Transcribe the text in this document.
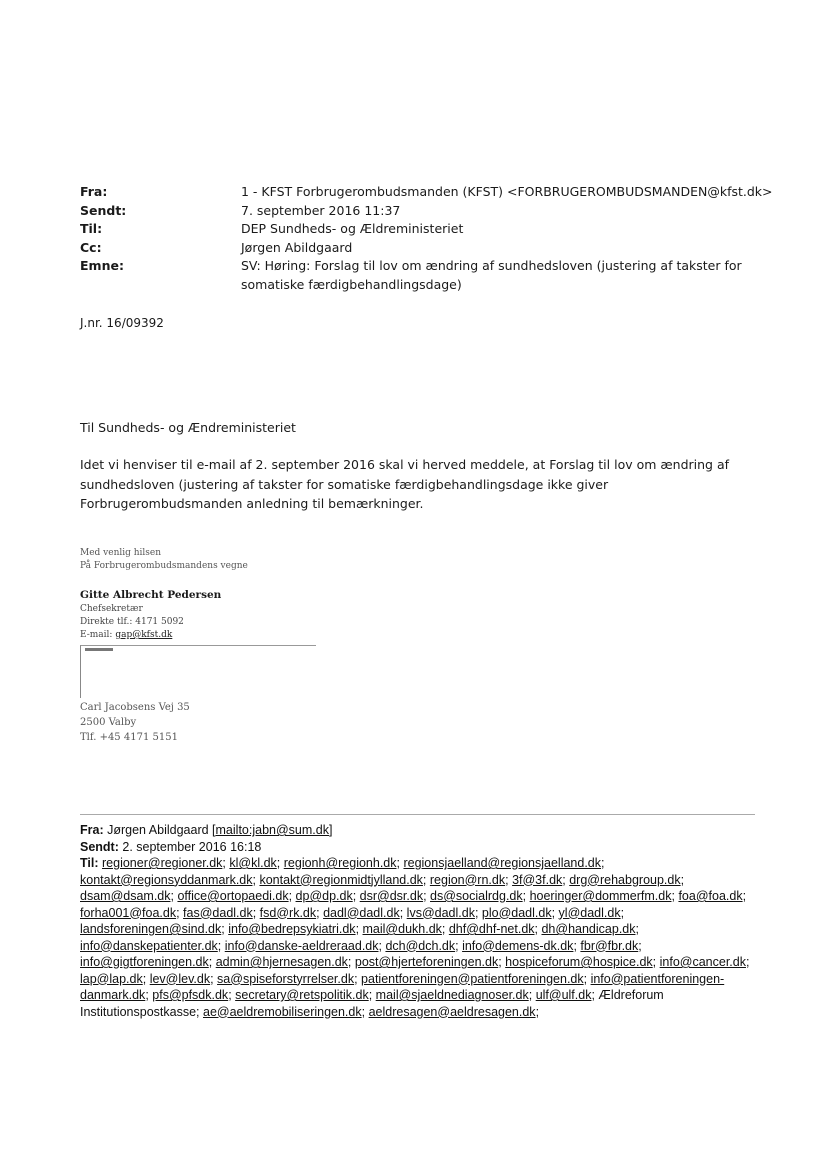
Fra:	1 - KFST Forbrugerombudsmanden (KFST) <FORBRUGEROMBUDSMANDEN@kfst.dk>
Sendt:	7. september 2016 11:37
Til:	DEP Sundheds- og Ældreministeriet
Cc:	Jørgen Abildgaard
Emne:	SV: Høring: Forslag til lov om ændring af sundhedsloven (justering af takster for somatiske færdigbehandlingsdage)
J.nr. 16/09392
Til Sundheds- og Ændreministeriet
Idet vi henviser til e-mail af 2. september 2016 skal vi herved meddele, at Forslag til lov om ændring af sundhedsloven (justering af takster for somatiske færdigbehandlingsdage ikke giver Forbrugerombudsmanden anledning til bemærkninger.
Med venlig hilsen
På Forbrugerombudsmandens vegne
Gitte Albrecht Pedersen
Chefsekretær
Direkte tlf.: 4171 5092
E-mail: gap@kfst.dk
Carl Jacobsens Vej 35
2500 Valby
Tlf. +45 4171 5151
Fra: Jørgen Abildgaard [mailto:jabn@sum.dk]
Sendt: 2. september 2016 16:18
Til: regioner@regioner.dk; kl@kl.dk; regionh@regionh.dk; regionsjaelland@regionsjaelland.dk; kontakt@regionsyddanmark.dk; kontakt@regionmidtjylland.dk; region@rn.dk; 3f@3f.dk; drg@rehabgroup.dk; dsam@dsam.dk; office@ortopaedi.dk; dp@dp.dk; dsr@dsr.dk; ds@socialrdg.dk; hoeringer@dommerfm.dk; foa@foa.dk; forha001@foa.dk; fas@dadl.dk; fsd@rk.dk; dadl@dadl.dk; lvs@dadl.dk; plo@dadl.dk; yl@dadl.dk; landsforeningen@sind.dk; info@bedrepsykiatri.dk; mail@dukh.dk; dhf@dhf-net.dk; dh@handicap.dk; info@danskepatienter.dk; info@danske-aeldreraad.dk; dch@dch.dk; info@demens-dk.dk; fbr@fbr.dk; info@gigtforeningen.dk; admin@hjernesagen.dk; post@hjerteforeningen.dk; hospiceforum@hospice.dk; info@cancer.dk; lap@lap.dk; lev@lev.dk; sa@spiseforstyrrelser.dk; patientforeningen@patientforeningen.dk; info@patientforeningen-danmark.dk; pfs@pfsdk.dk; secretary@retspolitik.dk; mail@sjaeldnediagnoser.dk; ulf@ulf.dk; Ældreforum Institutionspostkasse; ae@aeldremobiliseringen.dk; aeldresagen@aeldresagen.dk;
